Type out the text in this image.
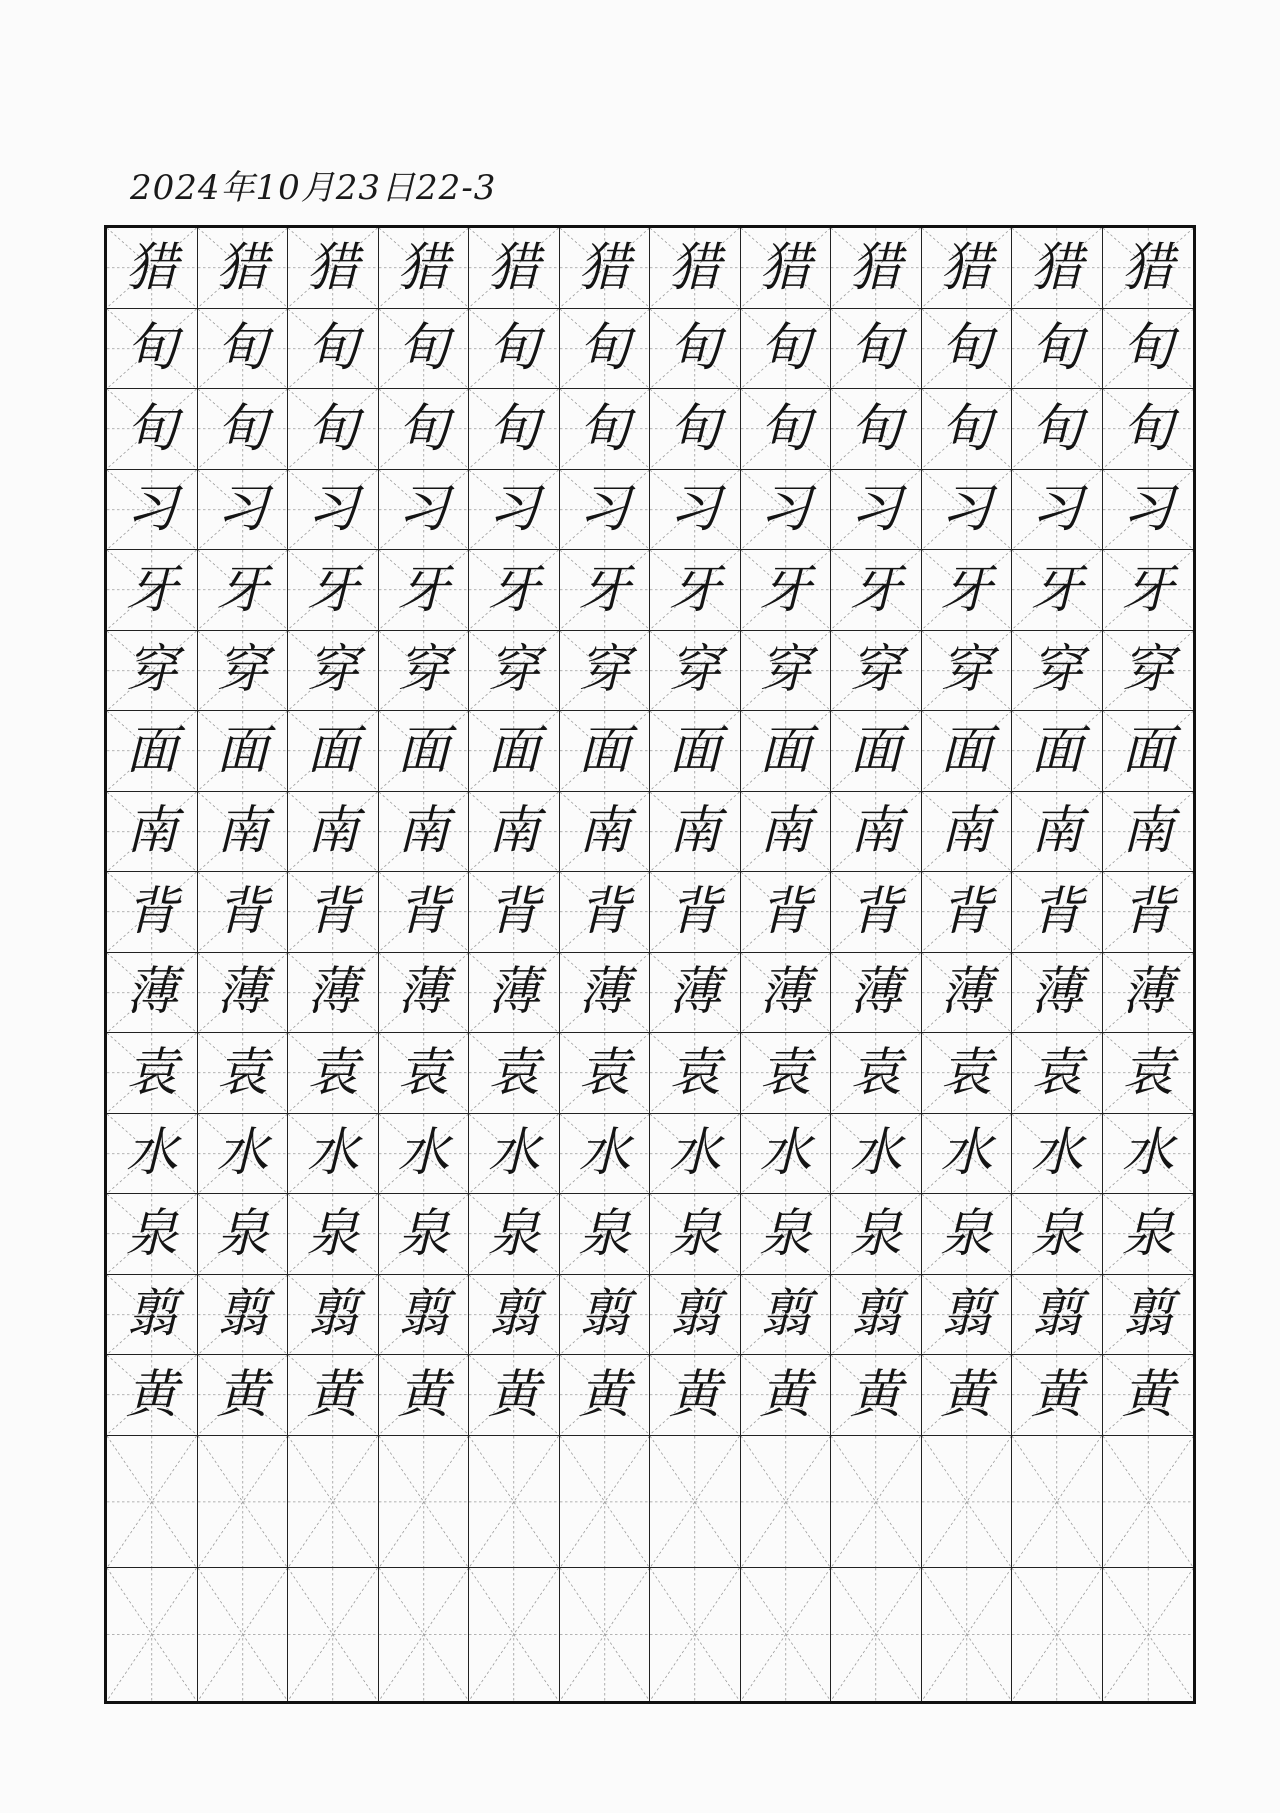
2024年10月23日22-3
猎 猎 猎 猎 猎 猎 猎 猎 猎 猎 猎 猎
旬 旬 旬 旬 旬 旬 旬 旬 旬 旬 旬 旬
旬 旬 旬 旬 旬 旬 旬 旬 旬 旬 旬 旬
习 习 习 习 习 习 习 习 习 习 习 习
牙 牙 牙 牙 牙 牙 牙 牙 牙 牙 牙 牙
穿 穿 穿 穿 穿 穿 穿 穿 穿 穿 穿 穿
面 面 面 面 面 面 面 面 面 面 面 面
南 南 南 南 南 南 南 南 南 南 南 南
背 背 背 背 背 背 背 背 背 背 背 背
薄 薄 薄 薄 薄 薄 薄 薄 薄 薄 薄 薄
袁 袁 袁 袁 袁 袁 袁 袁 袁 袁 袁 袁
水 水 水 水 水 水 水 水 水 水 水 水
泉 泉 泉 泉 泉 泉 泉 泉 泉 泉 泉 泉
翦 翦 翦 翦 翦 翦 翦 翦 翦 翦 翦 翦
黄 黄 黄 黄 黄 黄 黄 黄 黄 黄 黄 黄
